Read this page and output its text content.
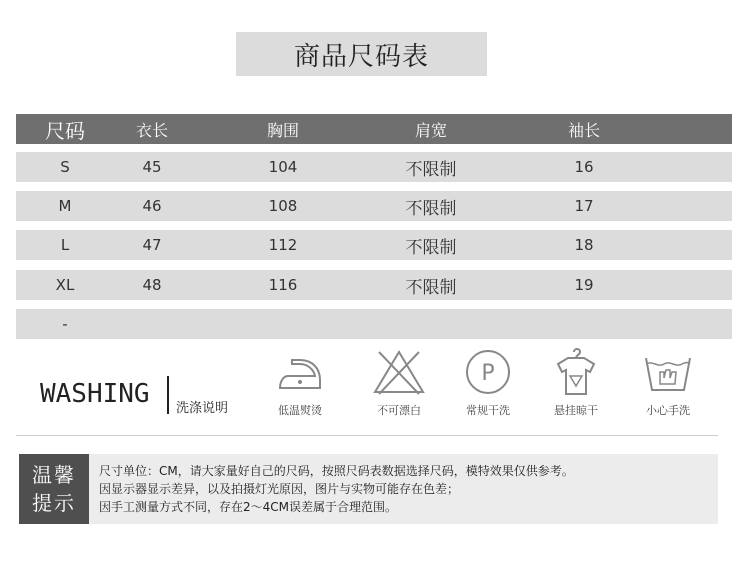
商品尺码表
尺码	衣长	胸围	肩宽	袖长
S	45	104	不限制	16
M	46	108	不限制	17
L	47	112	不限制	18
XL	48	116	不限制	19
-
WASHING 洗涤说明	低温熨烫	不可漂白
P
常规干洗	悬挂晾干	小心手洗
温馨
提示
尺寸单位：CM，请大家量好自己的尺码，按照尺码表数据选择尺码，模特效果仅供参考。
因显示器显示差异，以及拍摄灯光原因，图片与实物可能存在色差；
因手工测量方式不同，存在2～4CM误差属于合理范围。
